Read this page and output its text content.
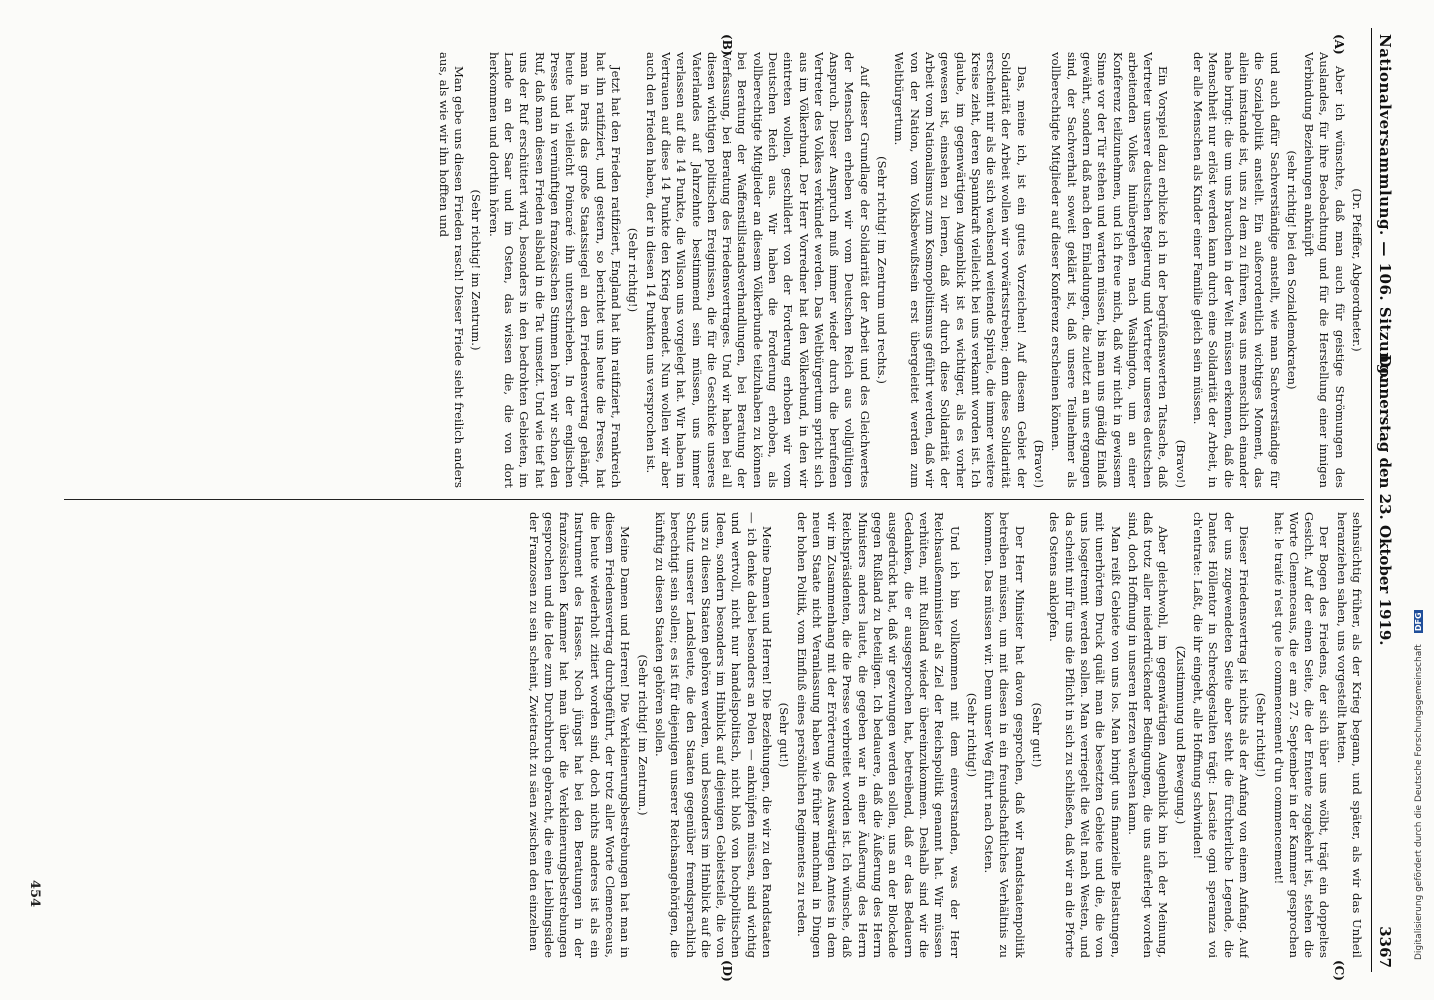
Nationalversammlung. — 106. Sitzung.
Donnerstag den 23. Oktober 1919.
3367
(A)
(B)
(C)
(D)

(Dr. Pfeiffer, Abgeordneter.)

Aber ich wünschte, daß man auch für geistige Strömungen des Auslandes, für ihre Beobachtung und für die Herstellung einer innigen Verbindung Beziehungen anknüpft

(sehr richtig! bei den Sozialdemokraten)

und auch dafür Sachverständige anstellt, wie man Sachverständige für die Sozialpolitik anstellt. Ein außerordentlich wichtiges Moment, das allein imstande ist, uns zu dem zu führen, was uns menschlich einander nahe bringt: die um uns brauchen in der Welt müssen erkennen, daß die Menschheit nur erlöst werden kann durch eine Solidarität der Arbeit, in der alle Menschen als Kinder einer Familie gleich sein müssen.

(Bravo!)

Ein Vorspiel dazu erblicke ich in der begrüßenswerten Tatsache, daß Vertreter unserer deutschen Regierung und Vertreter unseres deutschen arbeitenden Volkes hinübergehen nach Washington, um an einer Konferenz teilzunehmen, und ich freue mich, daß wir nicht in gewissem Sinne vor der Tür stehen und warten müssen, bis man uns gnädig Einlaß gewährt, sondern daß nach den Einladungen, die zuletzt an uns ergangen sind, der Sachverhalt soweit geklärt ist, daß unsere Teilnehmer als vollberechtigte Mitglieder auf dieser Konferenz erscheinen können.

(Bravo!)

Das, meine ich, ist ein gutes Vorzeichen! Auf diesem Gebiet der Solidarität der Arbeit wollen wir vorwärtsstreben; denn diese Solidarität erscheint mir als die sich wachsend weitende Spirale, die immer weitere Kreise zieht, deren Spannkraft vielleicht bei uns verkannt worden ist. Ich glaube, im gegenwärtigen Augenblick ist es wichtiger, als es vorher gewesen ist, einsehen zu lernen, daß wir durch diese Solidarität der Arbeit vom Nationalismus zum Kosmopolitismus geführt werden, daß wir von der Nation, vom Volksbewußtsein erst übergeleitet werden zum Weltbürgertum.

(Sehr richtig! im Zentrum und rechts.)

Auf dieser Grundlage der Solidarität der Arbeit und des Gleichwertes der Menschen erheben wir vom Deutschen Reich aus vollgültigen Anspruch. Dieser Anspruch muß immer wieder durch die berufenen Vertreter des Volkes verkündet werden. Das Weltbürgertum spricht sich aus im Völkerbund. Der Herr Vorredner hat den Völkerbund, in den wir eintreten wollen, geschildert von der Forderung erhoben wir vom Deutschen Reich aus. Wir haben die Forderung erhoben, als vollberechtigte Mitglieder an diesem Völkerbunde teilzuhaben zu können bei Beratung der Waffenstillstandsverhandlungen, bei Beratung der Verfassung, bei Beratung des Friedensvertrages. Und wir haben bei all diesen wichtigen politischen Ereignissen, die für die Geschicke unseres Vaterlandes auf Jahrzehnte bestimmend sein müssen, uns immer verlassen auf die 14 Punkte, die Wilson uns vorgelegt hat. Wir haben im Vertrauen auf diese 14 Punkte den Krieg beendet. Nun wollen wir aber auch den Frieden haben, der in diesen 14 Punkten uns versprochen ist.

(Sehr richtig!)

Jetzt hat den Frieden ratifiziert, England hat ihn ratifiziert, Frankreich hat ihn ratifiziert, und gestern, so berichtet uns heute die Presse, hat man in Paris das große Staatssiegel an den Friedensvertrag gehängt, heute hat vielleicht Poincaré ihn unterschrieben. In der englischen Presse und in vernünftigen französischen Stimmen hören wir schon den Ruf, daß man diesen Frieden alsbald in die Tat umsetzt. Und wie tief hat uns der Ruf erschüttert wird, besonders in den bedrohten Gebieten, im Lande an der Saar und im Osten, das wissen die, die von dort herkommen und dorthin hören.

(Sehr richtig! im Zentrum.)

Man gebe uns diesen Frieden rasch! Dieser Friede sieht freilich anders aus, als wie wir ihn hofften und

sehnsüchtig früher, als der Krieg begann, und später, als wir das Unheil heranziehen sahen, uns vorgestellt hatten.

Der Bogen des Friedens, der sich über uns wölbt, trägt ein doppeltes Gesicht. Auf der einen Seite, die der Entente zugekehrt ist, stehen die Worte Clemenceaus, die er am 27. September in der Kammer gesprochen hat: le traité n'est que le commencement d'un commencement!

(Sehr richtig!)

Dieser Friedensvertrag ist nichts als der Anfang von einem Anfang. Auf der uns zugewendeten Seite aber steht die fürchterliche Legende, die Dantes Höllentor in Schreckgestalten trägt: Lasciate ogni speranza voi ch'entrate: Laßt, die ihr eingeht, alle Hoffnung schwinden!

(Zustimmung und Bewegung.)

Aber gleichwohl, im gegenwärtigen Augenblick bin ich der Meinung, daß trotz aller niederdrückender Bedingungen, die uns auferlegt worden sind, doch Hoffnung in unseren Herzen wachsen kann.

Man reißt Gebiete von uns los. Man bringt uns finanzielle Belastungen, mit unerhörtem Druck quält man die besetzten Gebiete und die, die von uns losgetrennt werden sollen. Man verriegelt die Welt nach Westen, und da scheint mir für uns die Pflicht in sich zu schließen, daß wir an die Pforte des Ostens anklopfen.

(Sehr gut!)

Der Herr Minister hat davon gesprochen, daß wir Randstaatenpolitik betreiben müssen, um mit diesen in ein freundschaftliches Verhältnis zu kommen. Das müssen wir. Denn unser Weg führt nach Osten.

(Sehr richtig!)

Und ich bin vollkommen mit dem einverstanden, was der Herr Reichsaußenminister als Ziel der Reichspolitik genannt hat. Wir müssen verhüten, mit Rußland wieder übereinzukommen. Deshalb sind wir die Gedanken, die er ausgesprochen hat, betreibend, daß er das Bedauern ausgedrückt hat, daß wir gezwungen werden sollen, uns an der Blockade gegen Rußland zu beteiligen. Ich bedauere, daß die Äußerung des Herrn Ministers anders lautet, die gegeben war in einer Äußerung des Herrn Reichspräsidenten, die die Presse verbreitet worden ist. Ich wünsche, daß wir im Zusammenhang mit der Erörterung des Auswärtigen Amtes in dem neuen Staate nicht Veranlassung haben wie früher manchmal in Dingen der hohen Politik, vom Einfluß eines persönlichen Regimentes zu reden.

(Sehr gut!)

Meine Damen und Herren! Die Beziehungen, die wir zu den Randstaaten — ich denke dabei besonders an Polen — anknüpfen müssen, sind wichtig und wertvoll, nicht nur handelspolitisch, nicht bloß von hochpolitischen Ideen, sondern besonders im Hinblick auf diejenigen Gebietsteile, die von uns zu diesen Staaten gehören werden, und besonders im Hinblick auf die Schutz unserer Landsleute, die den Staaten gegenüber fremdsprachlich berechtigt sein sollen; es ist für diejenigen unserer Reichsangehörigen, die künftig zu diesen Staaten gehören sollen.

(Sehr richtig! im Zentrum.)

Meine Damen und Herren! Die Verkleinerungsbestrebungen hat man in diesem Friedensvertrag durchgeführt, der trotz aller Worte Clemenceaus, die heute wiederholt zitiert worden sind, doch nichts anderes ist als ein Instrument des Hasses. Noch jüngst hat bei den Beratungen in der französischen Kammer hat man über die Verkleinerungsbestrebungen gesprochen und die Idee zum Durchbruch gebracht, die eine Lieblingsidee der Franzosen zu sein scheint, Zwietracht zu säen zwischen den einzelnen

454	Digitalisierung gefördert durch die Deutsche Forschungsgemeinschaft DFG
